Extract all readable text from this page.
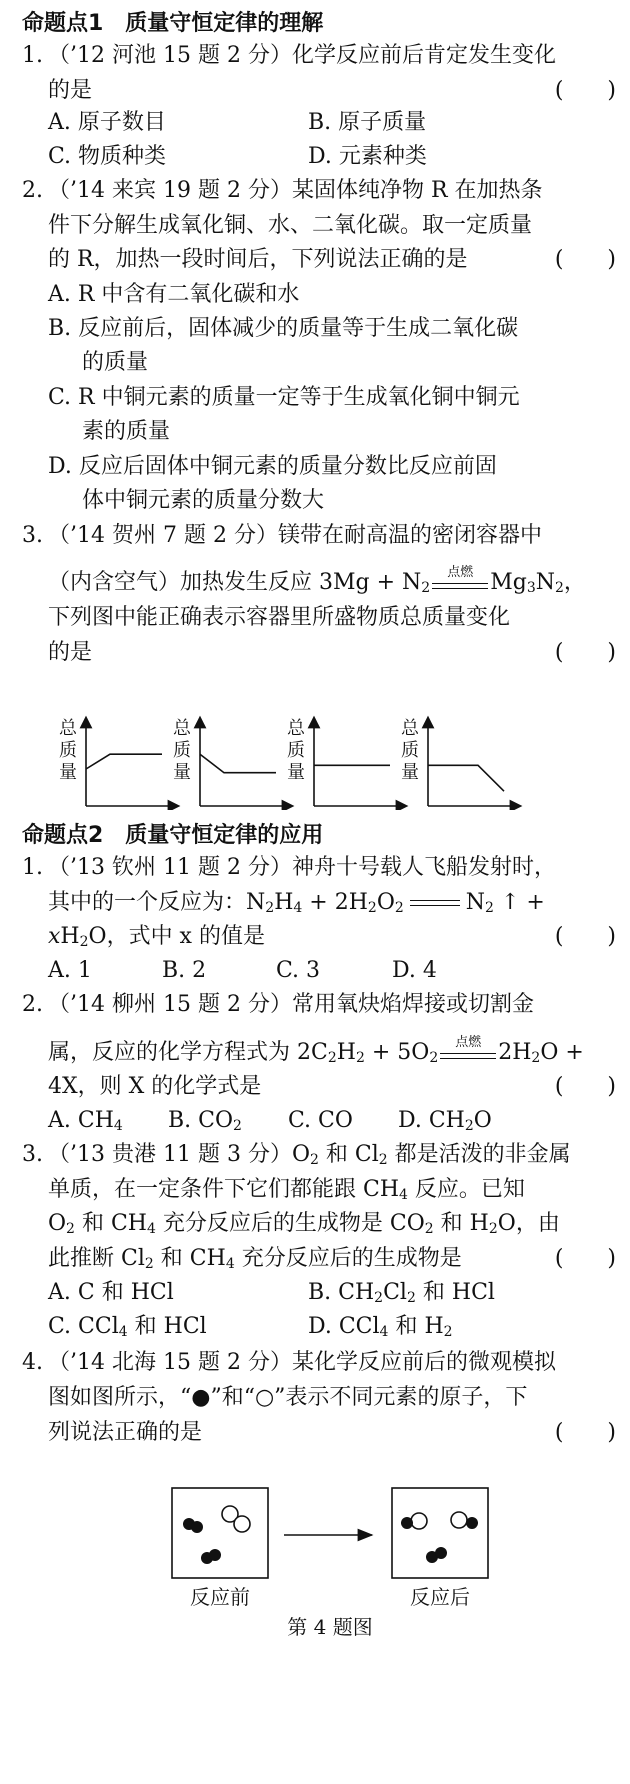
命题点1　质量守恒定律的理解
1. （’12 河池 15 题 2 分）化学反应前后肯定发生变化
的是	(　　)
A. 原子数目	B. 原子质量
C. 物质种类	D. 元素种类
2. （’14 来宾 19 题 2 分）某固体纯净物 R 在加热条
件下分解生成氧化铜、水、二氧化碳。取一定质量
的 R，加热一段时间后，下列说法正确的是	(　　)
A. R 中含有二氧化碳和水
B. 反应前后，固体减少的质量等于生成二氧化碳
的质量
C. R 中铜元素的质量一定等于生成氧化铜中铜元
素的质量
D. 反应后固体中铜元素的质量分数比反应前固
体中铜元素的质量分数大
3. （’14 贺州 7 题 2 分）镁带在耐高温的密闭容器中
（内含空气）加热发生反应 $3Mg + N_2$
点燃 $Mg_3N_2$，
下列图中能正确表示容器里所盛物质总质量变化
的是	(　　)
总
质
量
总
质
量
总
质
量
总
质
量
命题点2　质量守恒定律的应用
1. （’13 钦州 11 题 2 分）神舟十号载人飞船发射时，
其中的一个反应为：$N_2H_4 + 2H_2O_2$	$N_2$ ↑ +
$xH_2O$，式中 x 的值是	(　　)
A. 1	B. 2	C. 3	D. 4
2. （’14 柳州 15 题 2 分）常用氧炔焰焊接或切割金
属，反应的化学方程式为 $2C_2H_2 + 5O_2$
点燃 $2H_2O$ +
4X，则 X 的化学式是	(　　)
A. $CH_4$ B. $CO_2$ C. CO D. $CH_2O$
3. （’13 贵港 11 题 3 分）$O_2$ 和 $Cl_2$ 都是活泼的非金属
单质，在一定条件下它们都能跟 $CH_4$ 反应。已知
$O_2$ 和 $CH_4$ 充分反应后的生成物是 $CO_2$ 和 $H_2O$，由
此推断 $Cl_2$ 和 $CH_4$ 充分反应后的生成物是	(　　)
A. C 和 HCl	B. $CH_2Cl_2$ 和 HCl
C. CCl$_4$ 和 HCl	D. CCl$_4$ 和 $H_2$
4. （’14 北海 15 题 2 分）某化学反应前后的微观模拟
图如图所示，“●”和“○”表示不同元素的原子，下
列说法正确的是	(　　)
反应前	反应后
第 4 题图
